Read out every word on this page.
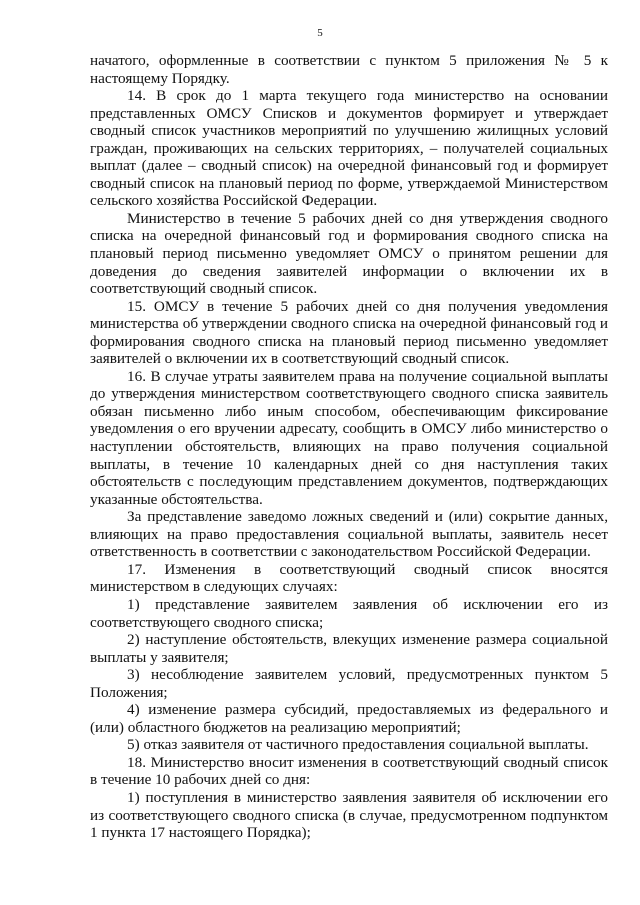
5

начатого, оформленные в соответствии с пунктом 5 приложения № 5 к настоящему Порядку.

14. В срок до 1 марта текущего года министерство на основании представленных ОМСУ Списков и документов формирует и утверждает сводный список участников мероприятий по улучшению жилищных условий граждан, проживающих на сельских территориях, – получателей социальных выплат (далее – сводный список) на очередной финансовый год и формирует сводный список на плановый период по форме, утверждаемой Министерством сельского хозяйства Российской Федерации.

Министерство в течение 5 рабочих дней со дня утверждения сводного списка на очередной финансовый год и формирования сводного списка на плановый период письменно уведомляет ОМСУ о принятом решении для доведения до сведения заявителей информации о включении их в соответствующий сводный список.

15. ОМСУ в течение 5 рабочих дней со дня получения уведомления министерства об утверждении сводного списка на очередной финансовый год и формирования сводного списка на плановый период письменно уведомляет заявителей о включении их в соответствующий сводный список.

16. В случае утраты заявителем права на получение социальной выплаты до утверждения министерством соответствующего сводного списка заявитель обязан письменно либо иным способом, обеспечивающим фиксирование уведомления о его вручении адресату, сообщить в ОМСУ либо министерство о наступлении обстоятельств, влияющих на право получения социальной выплаты, в течение 10 календарных дней со дня наступления таких обстоятельств с последующим представлением документов, подтверждающих указанные обстоятельства.

За представление заведомо ложных сведений и (или) сокрытие данных, влияющих на право предоставления социальной выплаты, заявитель несет ответственность в соответствии с законодательством Российской Федерации.

17. Изменения в соответствующий сводный список вносятся министерством в следующих случаях:

1) представление заявителем заявления об исключении его из соответствующего сводного списка;

2) наступление обстоятельств, влекущих изменение размера социальной выплаты у заявителя;

3) несоблюдение заявителем условий, предусмотренных пунктом 5 Положения;

4) изменение размера субсидий, предоставляемых из федерального и (или) областного бюджетов на реализацию мероприятий;

5) отказ заявителя от частичного предоставления социальной выплаты.

18. Министерство вносит изменения в соответствующий сводный список в течение 10 рабочих дней со дня:

1) поступления в министерство заявления заявителя об исключении его из соответствующего сводного списка (в случае, предусмотренном подпунктом 1 пункта 17 настоящего Порядка);
